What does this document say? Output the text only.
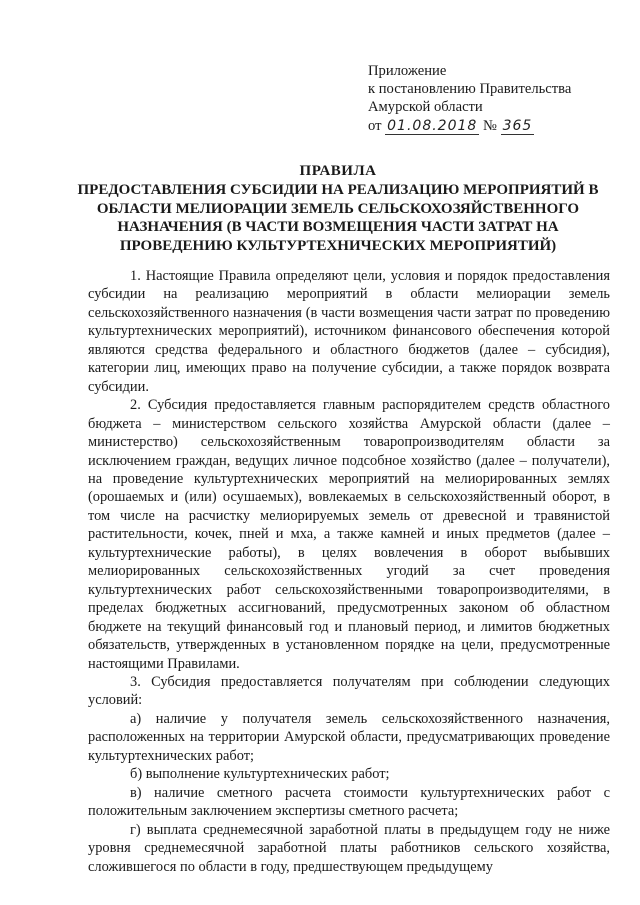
Приложение
к постановлению Правительства
Амурской области
от 01.08.2018 № 365
ПРАВИЛА
ПРЕДОСТАВЛЕНИЯ СУБСИДИИ НА РЕАЛИЗАЦИЮ МЕРОПРИЯТИЙ В ОБЛАСТИ МЕЛИОРАЦИИ ЗЕМЕЛЬ СЕЛЬСКОХОЗЯЙСТВЕННОГО НАЗНАЧЕНИЯ (В ЧАСТИ ВОЗМЕЩЕНИЯ ЧАСТИ ЗАТРАТ НА ПРОВЕДЕНИЮ КУЛЬТУРТЕХНИЧЕСКИХ МЕРОПРИЯТИЙ)

1. Настоящие Правила определяют цели, условия и порядок предоставления субсидии на реализацию мероприятий в области мелиорации земель сельскохозяйственного назначения (в части возмещения части затрат по проведению культуртехнических мероприятий), источником финансового обеспечения которой являются средства федерального и областного бюджетов (далее – субсидия), категории лиц, имеющих право на получение субсидии, а также порядок возврата субсидии.

2. Субсидия предоставляется главным распорядителем средств областного бюджета – министерством сельского хозяйства Амурской области (далее – министерство) сельскохозяйственным товаропроизводителям области за исключением граждан, ведущих личное подсобное хозяйство (далее – получатели), на проведение культуртехнических мероприятий на мелиорированных землях (орошаемых и (или) осушаемых), вовлекаемых в сельскохозяйственный оборот, в том числе на расчистку мелиорируемых земель от древесной и травянистой растительности, кочек, пней и мха, а также камней и иных предметов (далее – культуртехнические работы), в целях вовлечения в оборот выбывших мелиорированных сельскохозяйственных угодий за счет проведения культуртехнических работ сельскохозяйственными товаропроизводителями, в пределах бюджетных ассигнований, предусмотренных законом об областном бюджете на текущий финансовый год и плановый период, и лимитов бюджетных обязательств, утвержденных в установленном порядке на цели, предусмотренные настоящими Правилами.

3. Субсидия предоставляется получателям при соблюдении следующих условий:

а) наличие у получателя земель сельскохозяйственного назначения, расположенных на территории Амурской области, предусматривающих проведение культуртехнических работ;

б) выполнение культуртехнических работ;

в) наличие сметного расчета стоимости культуртехнических работ с положительным заключением экспертизы сметного расчета;

г) выплата среднемесячной заработной платы в предыдущем году не ниже уровня среднемесячной заработной платы работников сельского хозяйства, сложившегося по области в году, предшествующем предыдущему
